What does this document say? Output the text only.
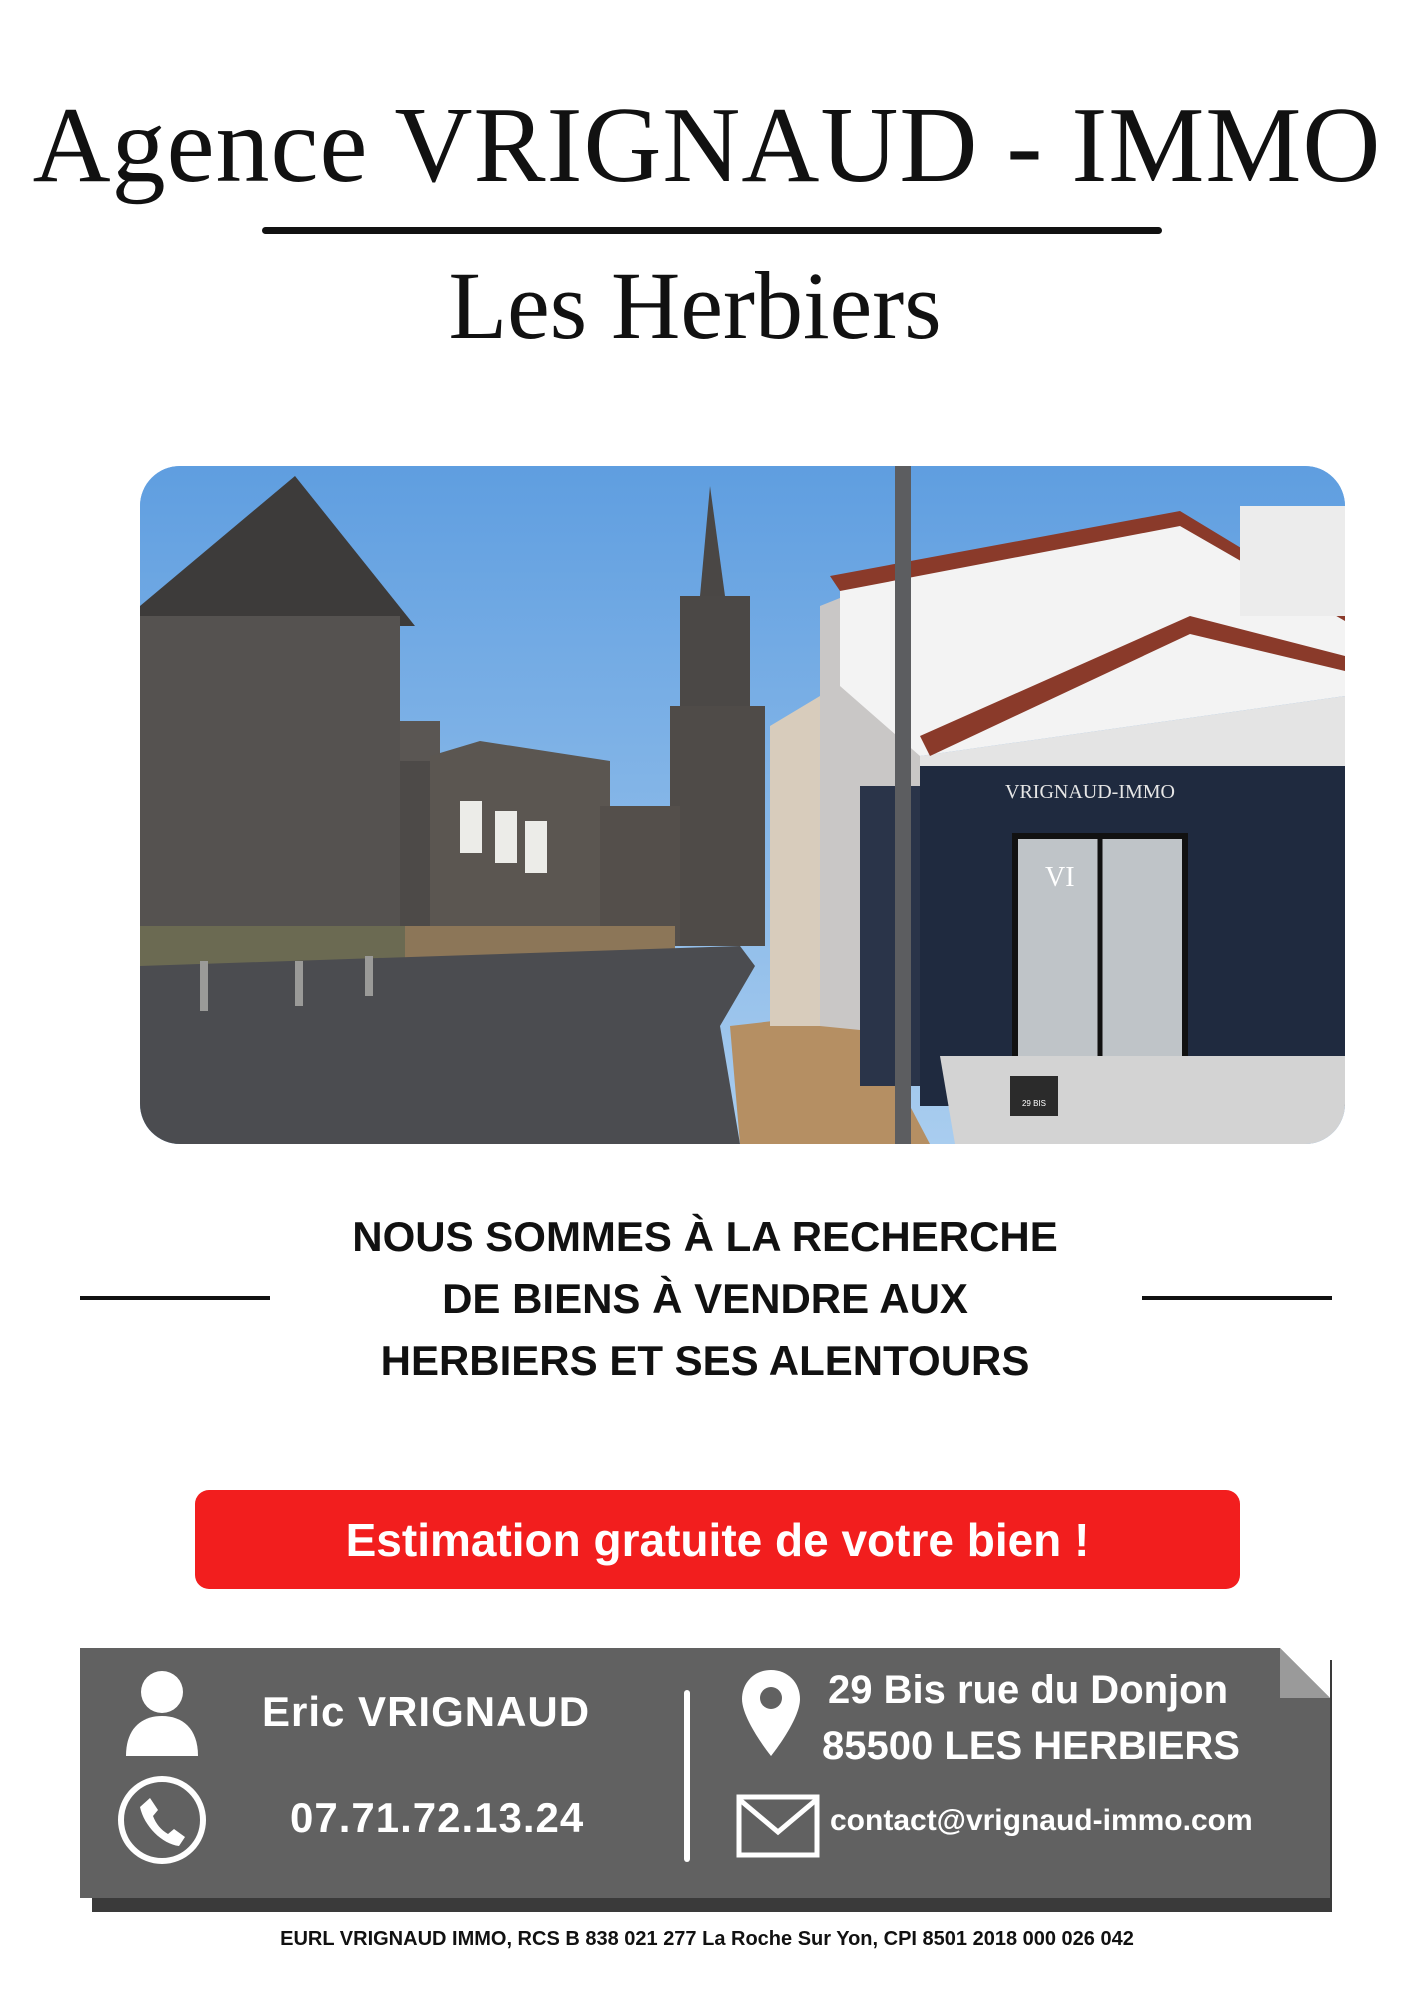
Agence VRIGNAUD - IMMO
Les Herbiers
VRIGNAUD-IMMO
VI
29 BIS
NOUS SOMMES À LA RECHERCHE
DE BIENS À VENDRE AUX
HERBIERS ET SES ALENTOURS
Estimation gratuite de votre bien !
Eric VRIGNAUD
07.71.72.13.24
29 Bis rue du Donjon
85500 LES HERBIERS
contact@vrignaud-immo.com
EURL VRIGNAUD IMMO, RCS B 838 021 277 La Roche Sur Yon, CPI 8501 2018 000 026 042
